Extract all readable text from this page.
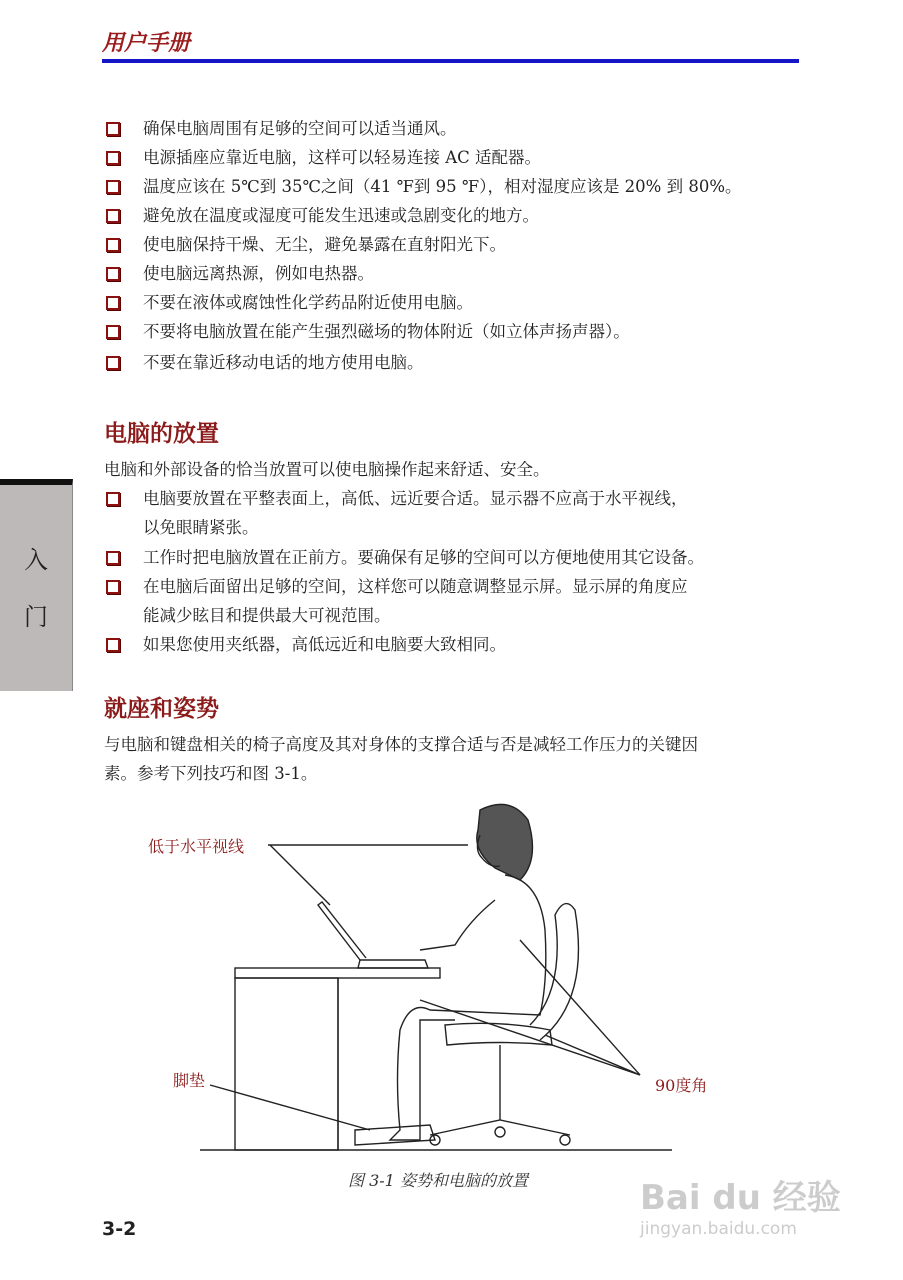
用户手册
确保电脑周围有足够的空间可以适当通风。
电源插座应靠近电脑，这样可以轻易连接 AC 适配器。
温度应该在 5℃到 35℃之间（41 ℉到 95 ℉），相对湿度应该是 20% 到 80%。
避免放在温度或湿度可能发生迅速或急剧变化的地方。
使电脑保持干燥、无尘，避免暴露在直射阳光下。
使电脑远离热源，例如电热器。
不要在液体或腐蚀性化学药品附近使用电脑。
不要将电脑放置在能产生强烈磁场的物体附近（如立体声扬声器）。
不要在靠近移动电话的地方使用电脑。
电脑的放置
电脑和外部设备的恰当放置可以使电脑操作起来舒适、安全。
电脑要放置在平整表面上，高低、远近要合适。显示器不应高于水平视线，
以免眼睛紧张。
工作时把电脑放置在正前方。要确保有足够的空间可以方便地使用其它设备。
在电脑后面留出足够的空间，这样您可以随意调整显示屏。显示屏的角度应
能减少眩目和提供最大可视范围。
如果您使用夹纸器，高低远近和电脑要大致相同。
就座和姿势
与电脑和键盘相关的椅子高度及其对身体的支撑合适与否是减轻工作压力的关键因
素。参考下列技巧和图 3-1。
入
门
低于水平视线
脚垫	90度角
图 3-1 姿势和电脑的放置
3-2
Bai du 经验
jingyan.baidu.com
